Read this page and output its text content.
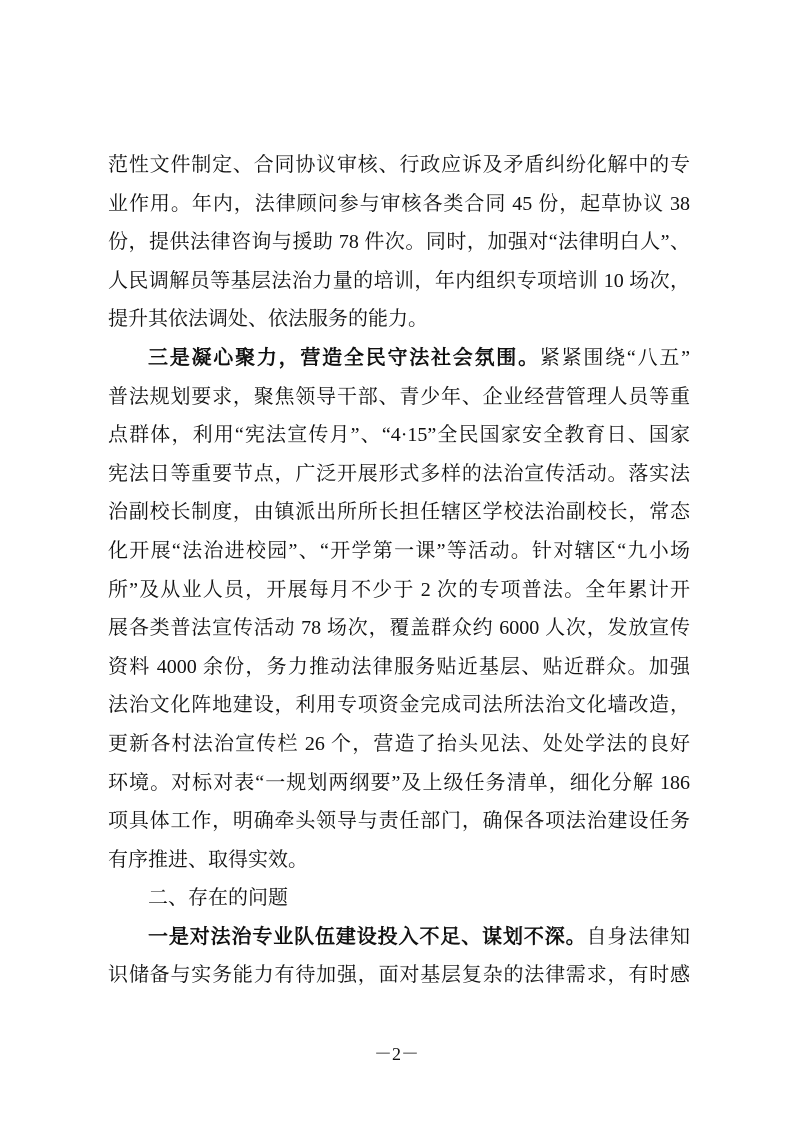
范性文件制定、合同协议审核、行政应诉及矛盾纠纷化解中的专
业作用。年内，法律顾问参与审核各类合同 45 份，起草协议 38
份，提供法律咨询与援助 78 件次。同时，加强对“法律明白人”、
人民调解员等基层法治力量的培训，年内组织专项培训 10 场次，
提升其依法调处、依法服务的能力。
三是凝心聚力，营造全民守法社会氛围。紧紧围绕“八五”
普法规划要求，聚焦领导干部、青少年、企业经营管理人员等重
点群体，利用“宪法宣传月”、“4·15”全民国家安全教育日、国家
宪法日等重要节点，广泛开展形式多样的法治宣传活动。落实法
治副校长制度，由镇派出所所长担任辖区学校法治副校长，常态
化开展“法治进校园”、“开学第一课”等活动。针对辖区“九小场
所”及从业人员，开展每月不少于 2 次的专项普法。全年累计开
展各类普法宣传活动 78 场次，覆盖群众约 6000 人次，发放宣传
资料 4000 余份，务力推动法律服务贴近基层、贴近群众。加强
法治文化阵地建设，利用专项资金完成司法所法治文化墙改造，
更新各村法治宣传栏 26 个，营造了抬头见法、处处学法的良好
环境。对标对表“一规划两纲要”及上级任务清单，细化分解 186
项具体工作，明确牵头领导与责任部门，确保各项法治建设任务
有序推进、取得实效。
二、存在的问题
一是对法治专业队伍建设投入不足、谋划不深。自身法律知
识储备与实务能力有待加强，面对基层复杂的法律需求，有时感
－2－
